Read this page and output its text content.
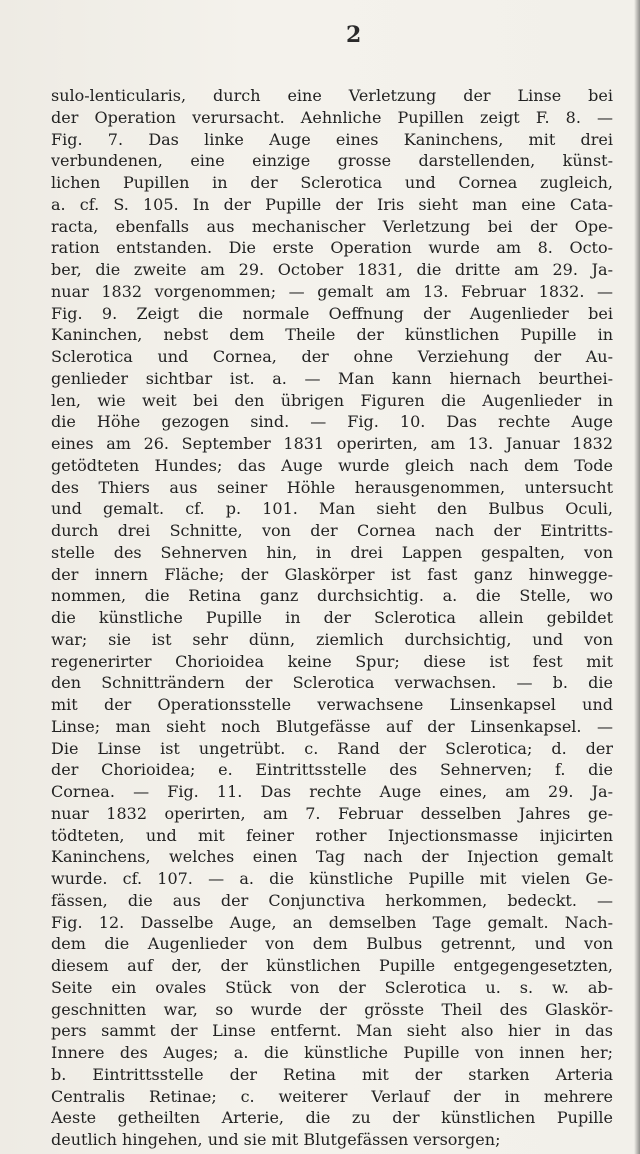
2
sulo-lenticularis, durch eine Verletzung der Linse bei
der Operation verursacht. Aehnliche Pupillen zeigt F. 8. —
Fig. 7. Das linke Auge eines Kaninchens, mit drei
verbundenen, eine einzige grosse darstellenden, künst-
lichen Pupillen in der Sclerotica und Cornea zugleich,
a. cf. S. 105. In der Pupille der Iris sieht man eine Cata-
racta, ebenfalls aus mechanischer Verletzung bei der Ope-
ration entstanden. Die erste Operation wurde am 8. Octo-
ber, die zweite am 29. October 1831, die dritte am 29. Ja-
nuar 1832 vorgenommen; — gemalt am 13. Februar 1832. —
Fig. 9. Zeigt die normale Oeffnung der Augenlieder bei
Kaninchen, nebst dem Theile der künstlichen Pupille in
Sclerotica und Cornea, der ohne Verziehung der Au-
genlieder sichtbar ist. a. — Man kann hiernach beurthei-
len, wie weit bei den übrigen Figuren die Augenlieder in
die Höhe gezogen sind. — Fig. 10. Das rechte Auge
eines am 26. September 1831 operirten, am 13. Januar 1832
getödteten Hundes; das Auge wurde gleich nach dem Tode
des Thiers aus seiner Höhle herausgenommen, untersucht
und gemalt. cf. p. 101. Man sieht den Bulbus Oculi,
durch drei Schnitte, von der Cornea nach der Eintritts-
stelle des Sehnerven hin, in drei Lappen gespalten, von
der innern Fläche; der Glaskörper ist fast ganz hinwegge-
nommen, die Retina ganz durchsichtig. a. die Stelle, wo
die künstliche Pupille in der Sclerotica allein gebildet
war; sie ist sehr dünn, ziemlich durchsichtig, und von
regenerirter Chorioidea keine Spur; diese ist fest mit
den Schnitträndern der Sclerotica verwachsen. — b. die
mit der Operationsstelle verwachsene Linsenkapsel und
Linse; man sieht noch Blutgefässe auf der Linsenkapsel. —
Die Linse ist ungetrübt. c. Rand der Sclerotica; d. der
der Chorioidea; e. Eintrittsstelle des Sehnerven; f. die
Cornea. — Fig. 11. Das rechte Auge eines, am 29. Ja-
nuar 1832 operirten, am 7. Februar desselben Jahres ge-
tödteten, und mit feiner rother Injectionsmasse injicirten
Kaninchens, welches einen Tag nach der Injection gemalt
wurde. cf. 107. — a. die künstliche Pupille mit vielen Ge-
fässen, die aus der Conjunctiva herkommen, bedeckt. —
Fig. 12. Dasselbe Auge, an demselben Tage gemalt. Nach-
dem die Augenlieder von dem Bulbus getrennt, und von
diesem auf der, der künstlichen Pupille entgegengesetzten,
Seite ein ovales Stück von der Sclerotica u. s. w. ab-
geschnitten war, so wurde der grösste Theil des Glaskör-
pers sammt der Linse entfernt. Man sieht also hier in das
Innere des Auges; a. die künstliche Pupille von innen her;
b. Eintrittsstelle der Retina mit der starken Arteria
Centralis Retinae; c. weiterer Verlauf der in mehrere
Aeste getheilten Arterie, die zu der künstlichen Pupille
deutlich hingehen, und sie mit Blutgefässen versorgen;
